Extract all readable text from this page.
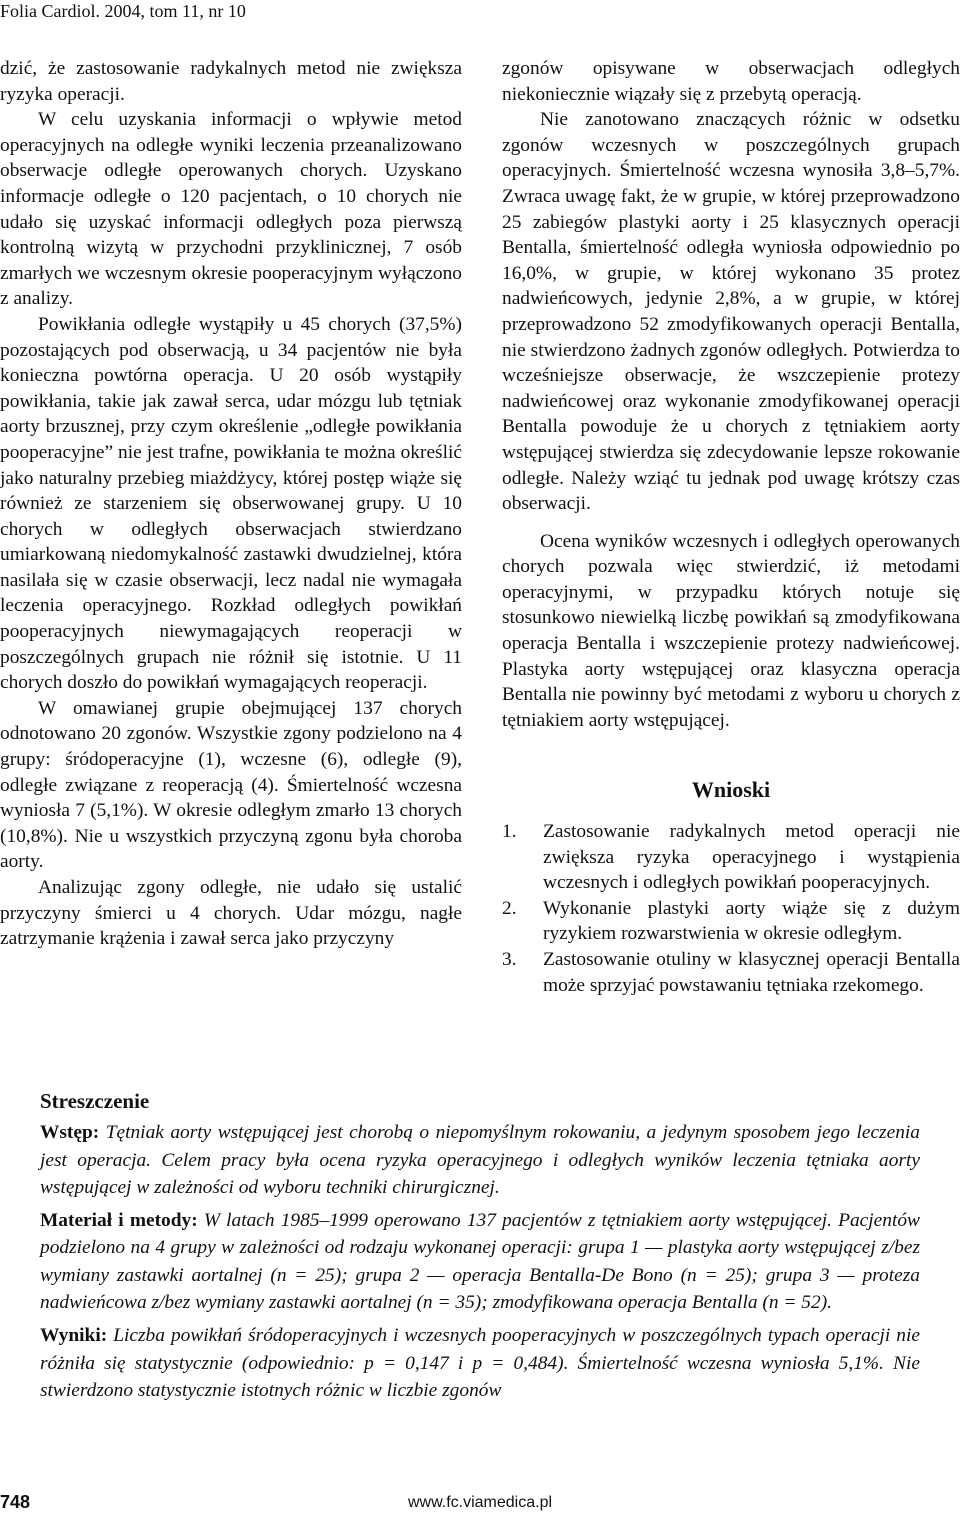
Folia Cardiol. 2004, tom 11, nr 10

dzić, że zastosowanie radykalnych metod nie zwiększa ryzyka operacji.

W celu uzyskania informacji o wpływie metod operacyjnych na odległe wyniki leczenia przeanalizowano obserwacje odległe operowanych chorych. Uzyskano informacje odległe o 120 pacjentach, o 10 chorych nie udało się uzyskać informacji odległych poza pierwszą kontrolną wizytą w przychodni przyklinicznej, 7 osób zmarłych we wczesnym okresie pooperacyjnym wyłączono z analizy.

Powikłania odległe wystąpiły u 45 chorych (37,5%) pozostających pod obserwacją, u 34 pacjentów nie była konieczna powtórna operacja. U 20 osób wystąpiły powikłania, takie jak zawał serca, udar mózgu lub tętniak aorty brzusznej, przy czym określenie „odległe powikłania pooperacyjne” nie jest trafne, powikłania te można określić jako naturalny przebieg miażdżycy, której postęp wiąże się również ze starzeniem się obserwowanej grupy. U 10 chorych w odległych obserwacjach stwierdzano umiarkowaną niedomykalność zastawki dwudzielnej, która nasilała się w czasie obserwacji, lecz nadal nie wymagała leczenia operacyjnego. Rozkład odległych powikłań pooperacyjnych niewymagających reoperacji w poszczególnych grupach nie różnił się istotnie. U 11 chorych doszło do powikłań wymagających reoperacji.

W omawianej grupie obejmującej 137 chorych odnotowano 20 zgonów. Wszystkie zgony podzielono na 4 grupy: śródoperacyjne (1), wczesne (6), odległe (9), odległe związane z reoperacją (4). Śmiertelność wczesna wyniosła 7 (5,1%). W okresie odległym zmarło 13 chorych (10,8%). Nie u wszystkich przyczyną zgonu była choroba aorty.

Analizując zgony odległe, nie udało się ustalić przyczyny śmierci u 4 chorych. Udar mózgu, nagłe zatrzymanie krążenia i zawał serca jako przyczyny

zgonów opisywane w obserwacjach odległych niekoniecznie wiązały się z przebytą operacją.

Nie zanotowano znaczących różnic w odsetku zgonów wczesnych w poszczególnych grupach operacyjnych. Śmiertelność wczesna wynosiła 3,8–5,7%. Zwraca uwagę fakt, że w grupie, w której przeprowadzono 25 zabiegów plastyki aorty i 25 klasycznych operacji Bentalla, śmiertelność odległa wyniosła odpowiednio po 16,0%, w grupie, w której wykonano 35 protez nadwieńcowych, jedynie 2,8%, a w grupie, w której przeprowadzono 52 zmodyfikowanych operacji Bentalla, nie stwierdzono żadnych zgonów odległych. Potwierdza to wcześniejsze obserwacje, że wszczepienie protezy nadwieńcowej oraz wykonanie zmodyfikowanej operacji Bentalla powoduje że u chorych z tętniakiem aorty wstępującej stwierdza się zdecydowanie lepsze rokowanie odległe. Należy wziąć tu jednak pod uwagę krótszy czas obserwacji.

Ocena wyników wczesnych i odległych operowanych chorych pozwala więc stwierdzić, iż metodami operacyjnymi, w przypadku których notuje się stosunkowo niewielką liczbę powikłań są zmodyfikowana operacja Bentalla i wszczepienie protezy nadwieńcowej. Plastyka aorty wstępującej oraz klasyczna operacja Bentalla nie powinny być metodami z wyboru u chorych z tętniakiem aorty wstępującej.

Wnioski
1. Zastosowanie radykalnych metod operacji nie zwiększa ryzyka operacyjnego i wystąpienia wczesnych i odległych powikłań pooperacyjnych.
2. Wykonanie plastyki aorty wiąże się z dużym ryzykiem rozwarstwienia w okresie odległym.
3. Zastosowanie otuliny w klasycznej operacji Bentalla może sprzyjać powstawaniu tętniaka rzekomego.
Streszczenie

Wstęp: Tętniak aorty wstępującej jest chorobą o niepomyślnym rokowaniu, a jedynym sposobem jego leczenia jest operacja. Celem pracy była ocena ryzyka operacyjnego i odległych wyników leczenia tętniaka aorty wstępującej w zależności od wyboru techniki chirurgicznej.

Materiał i metody: W latach 1985–1999 operowano 137 pacjentów z tętniakiem aorty wstępującej. Pacjentów podzielono na 4 grupy w zależności od rodzaju wykonanej operacji: grupa 1 — plastyka aorty wstępującej z/bez wymiany zastawki aortalnej (n = 25); grupa 2 — operacja Bentalla-De Bono (n = 25); grupa 3 — proteza nadwieńcowa z/bez wymiany zastawki aortalnej (n = 35); zmodyfikowana operacja Bentalla (n = 52).

Wyniki: Liczba powikłań śródoperacyjnych i wczesnych pooperacyjnych w poszczególnych typach operacji nie różniła się statystycznie (odpowiednio: p = 0,147 i p = 0,484). Śmiertelność wczesna wyniosła 5,1%. Nie stwierdzono statystycznie istotnych różnic w liczbie zgonów

www.fc.viamedica.pl
748
